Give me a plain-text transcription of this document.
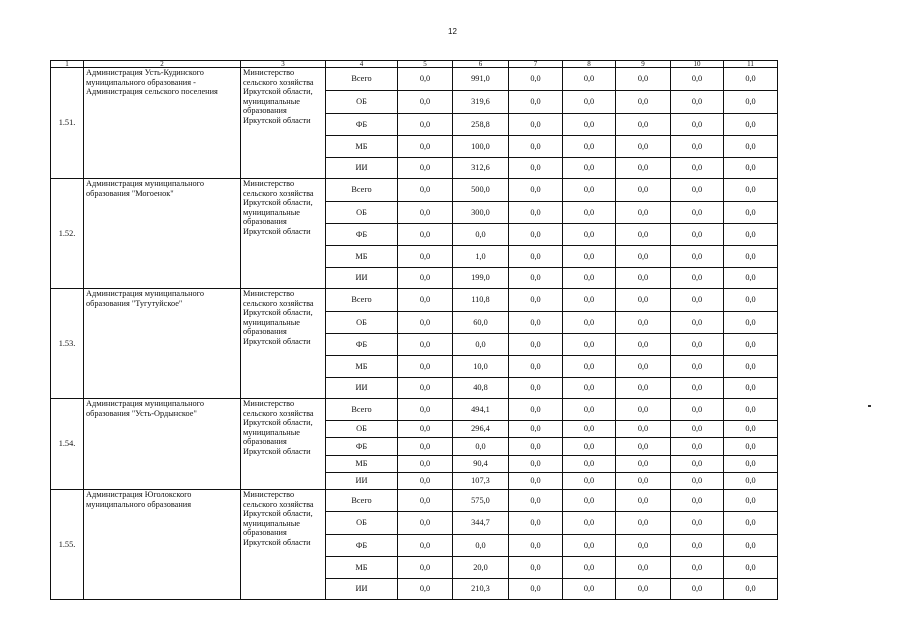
12
1	2	3	4	5	6	7	8	9	10	11
1.51.	Администрация Усть-Кудинского муниципального образования - Администрация сельского поселения	Министерство сельского хозяйства Иркутской области, муниципальные образования Иркутской области	Всего	0,0	991,0	0,0	0,0	0,0	0,0	0,0
			ОБ	0,0	319,6	0,0	0,0	0,0	0,0	0,0
			ФБ	0,0	258,8	0,0	0,0	0,0	0,0	0,0
			МБ	0,0	100,0	0,0	0,0	0,0	0,0	0,0
			ИИ	0,0	312,6	0,0	0,0	0,0	0,0	0,0
1.52.	Администрация муниципального образования "Могоенок"	Министерство сельского хозяйства Иркутской области, муниципальные образования Иркутской области	Всего	0,0	500,0	0,0	0,0	0,0	0,0	0,0
			ОБ	0,0	300,0	0,0	0,0	0,0	0,0	0,0
			ФБ	0,0	0,0	0,0	0,0	0,0	0,0	0,0
			МБ	0,0	1,0	0,0	0,0	0,0	0,0	0,0
			ИИ	0,0	199,0	0,0	0,0	0,0	0,0	0,0
1.53.	Администрация муниципального образования "Тугутуйское"	Министерство сельского хозяйства Иркутской области, муниципальные образования Иркутской области	Всего	0,0	110,8	0,0	0,0	0,0	0,0	0,0
			ОБ	0,0	60,0	0,0	0,0	0,0	0,0	0,0
			ФБ	0,0	0,0	0,0	0,0	0,0	0,0	0,0
			МБ	0,0	10,0	0,0	0,0	0,0	0,0	0,0
			ИИ	0,0	40,8	0,0	0,0	0,0	0,0	0,0
1.54.	Администрация муниципального образования "Усть-Ордынское"	Министерство сельского хозяйства Иркутской области, муниципальные образования Иркутской области	Всего	0,0	494,1	0,0	0,0	0,0	0,0	0,0
			ОБ	0,0	296,4	0,0	0,0	0,0	0,0	0,0
			ФБ	0,0	0,0	0,0	0,0	0,0	0,0	0,0
			МБ	0,0	90,4	0,0	0,0	0,0	0,0	0,0
			ИИ	0,0	107,3	0,0	0,0	0,0	0,0	0,0
1.55.	Администрация Юголокского муниципального образования	Министерство сельского хозяйства Иркутской области, муниципальные образования Иркутской области	Всего	0,0	575,0	0,0	0,0	0,0	0,0	0,0
			ОБ	0,0	344,7	0,0	0,0	0,0	0,0	0,0
			ФБ	0,0	0,0	0,0	0,0	0,0	0,0	0,0
			МБ	0,0	20,0	0,0	0,0	0,0	0,0	0,0
			ИИ	0,0	210,3	0,0	0,0	0,0	0,0	0,0
